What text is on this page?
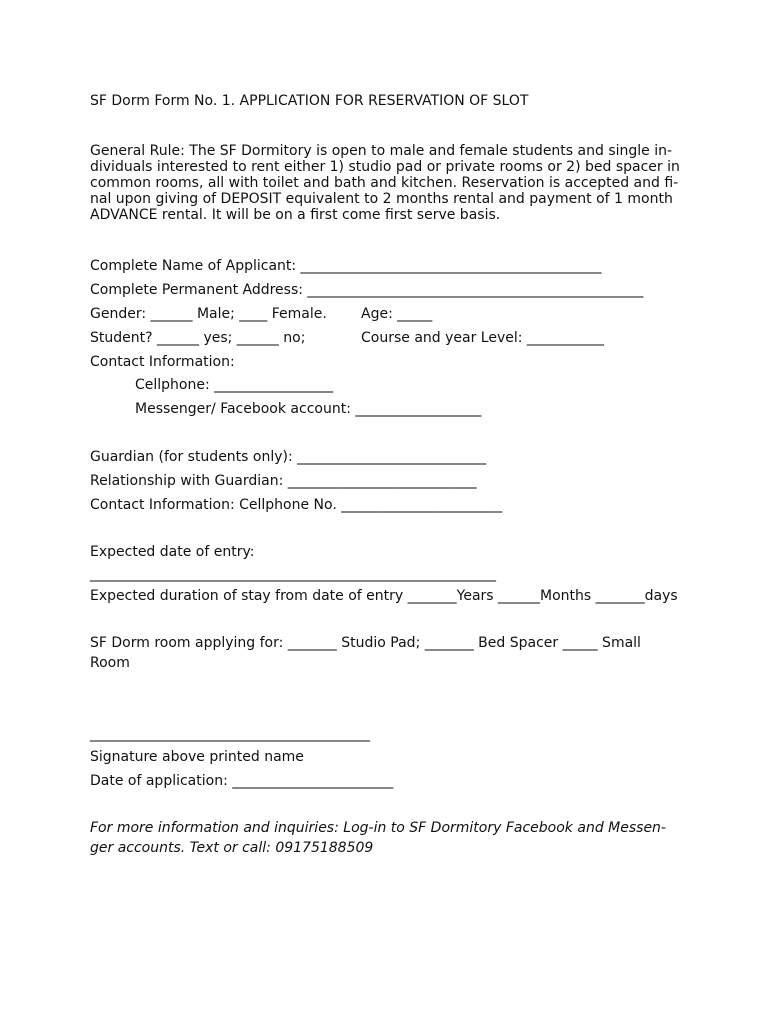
SF Dorm Form No. 1. APPLICATION FOR RESERVATION OF SLOT
General Rule: The SF Dormitory is open to male and female students and single in-
dividuals interested to rent either 1) studio pad or private rooms or 2) bed spacer in
common rooms, all with toilet and bath and kitchen. Reservation is accepted and fi-
nal upon giving of DEPOSIT equivalent to 2 months rental and payment of 1 month
ADVANCE rental. It will be on a first come first serve basis.
Complete Name of Applicant: ___________________________________________
Complete Permanent Address: ________________________________________________
Gender: ______ Male; ____ Female. Age: _____
Student? ______ yes; ______ no;	Course and year Level: ___________
Contact Information:
Cellphone: _________________
Messenger/ Facebook account: __________________
Guardian (for students only): ___________________________
Relationship with Guardian: ___________________________
Contact Information: Cellphone No. _______________________
Expected date of entry:
__________________________________________________________
Expected duration of stay from date of entry _______Years ______Months _______days
SF Dorm room applying for: _______ Studio Pad; _______ Bed Spacer _____ Small
Room
________________________________________
Signature above printed name
Date of application: _______________________
For more information and inquiries: Log-in to SF Dormitory Facebook and Messen-
ger accounts. Text or call: 09175188509
